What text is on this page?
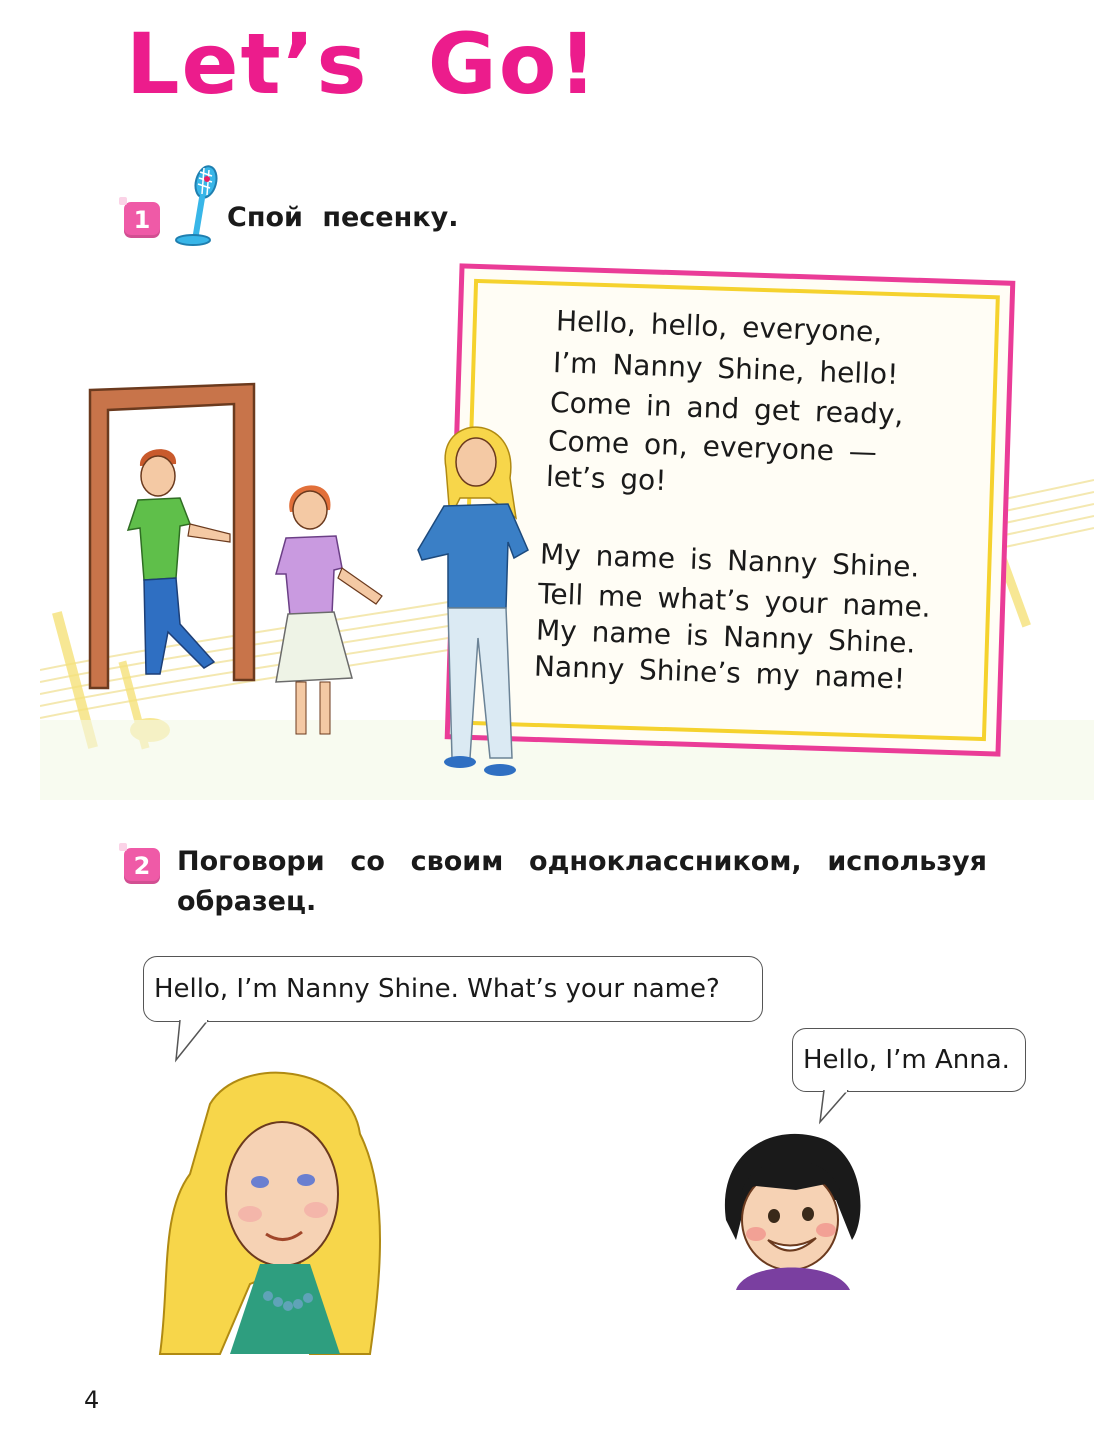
Let’s Go!
1	Спой песенку.
Hello, hello, everyone,
I’m Nanny Shine, hello!
Come in and get ready,
Come on, everyone —
let’s go!
My name is Nanny Shine.
Tell me what’s your name.
My name is Nanny Shine.
Nanny Shine’s my name!
2 Поговори со своим одноклассником, используя
образец.
Hello, I’m Nanny Shine. What’s your name?
Hello, I’m Anna.
4
